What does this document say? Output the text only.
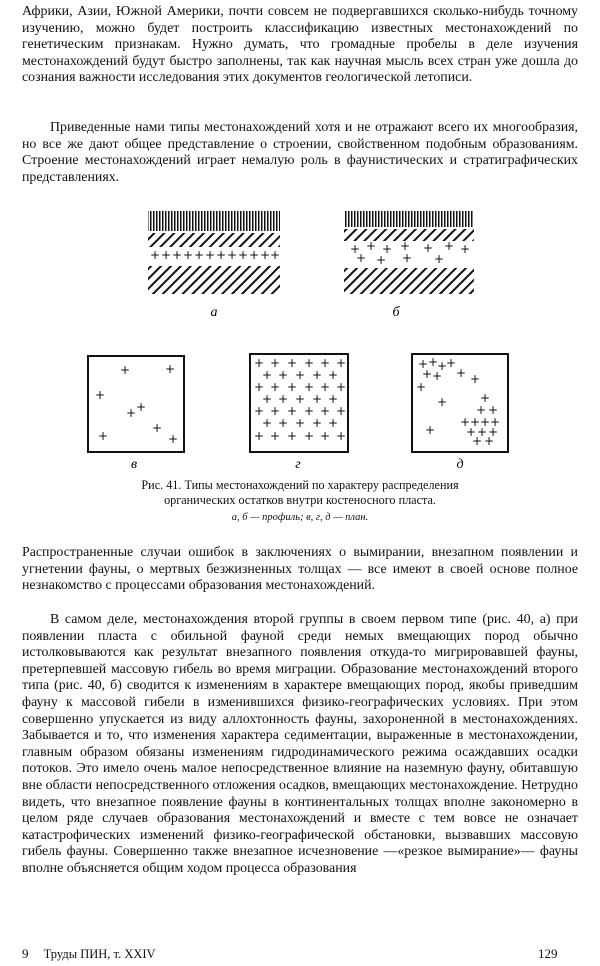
Африки, Азии, Южной Америки, почти совсем не подвергавшихся сколько-нибудь точному изучению, можно будет построить классификацию известных местонахождений по генетическим признакам. Нужно думать, что громадные пробелы в деле изучения местонахождений будут быстро заполнены, так как научная мысль всех стран уже дошла до сознания важности исследования этих документов геологической летописи.

Приведенные нами типы местонахождений хотя и не отражают всего их многообразия, но все же дают общее представление о строении, свойственном подобным образованиям. Строение местонахождений играет немалую роль в фаунистических и стратиграфических представлениях.

+ + + + + + + + + + + +
а
+ + + + + + +
+ + + +
б
+	+
+
+
+
+
+	+
в
+ + + + + +
+ + + + +
+ + + + + +
+ + + + +
+ + + + + +
+ + + + +
+ + + + + +
г
+ +
+
+
+ + +
+
+
+	+
+ +
+ + + +
+	+ + +
+ +
д

Рис. 41. Типы местонахождений по характеру распределения

органических остатков внутри костеносного пласта.

а, б — профиль; в, г, д — план.

Распространенные случаи ошибок в заключениях о вымирании, внезапном появлении и угнетении фауны, о мертвых безжизненных толщах — все имеют в своей основе полное незнакомство с процессами образования местонахождений.

В самом деле, местонахождения второй группы в своем первом типе (рис. 40, а) при появлении пласта с обильной фауной среди немых вмещающих пород обычно истолковываются как результат внезапного появления откуда-то мигрировавшей фауны, претерпевшей массовую гибель во время миграции. Образование местонахождений второго типа (рис. 40, б) сводится к изменениям в характере вмещающих пород, якобы приведшим фауну к массовой гибели в изменившихся физико-географических условиях. При этом совершенно упускается из виду аллохтонность фауны, захороненной в местонахождениях. Забывается и то, что изменения характера седиментации, выраженные в местонахождении, главным образом обязаны изменениям гидродинамического режима осаждавших осадки потоков. Это имело очень малое непосредственное влияние на наземную фауну, обитавшую вне области непосредственного отложения осадков, вмещающих местонахождение. Нетрудно видеть, что внезапное появление фауны в континентальных толщах вполне закономерно в целом ряде случаев образования местонахождений и вместе с тем вовсе не означает катастрофических изменений физико-географической обстановки, вызвавших массовую гибель фауны. Совершенно также внезапное исчезновение —«резкое вымирание»— фауны вполне объясняется общим ходом процесса образования

9 Труды ПИН, т. XXIV	129
